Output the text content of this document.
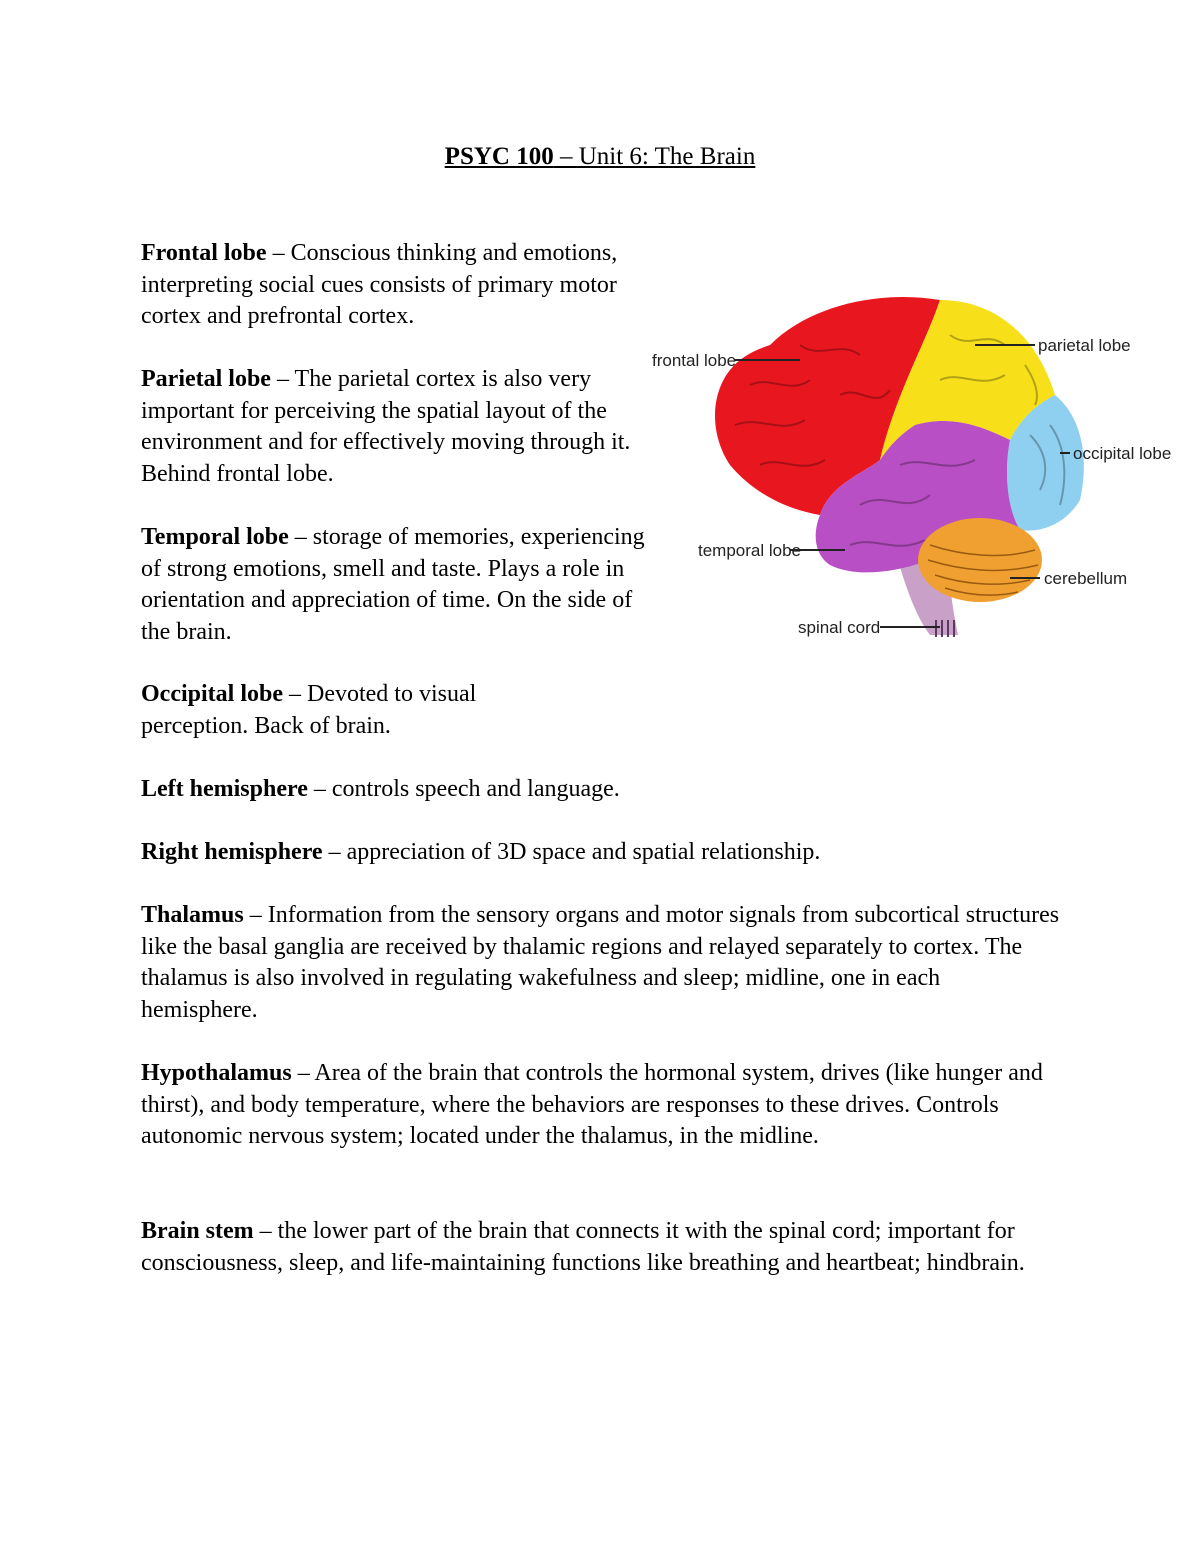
PSYC 100 – Unit 6: The Brain
Frontal lobe – Conscious thinking and emotions, interpreting social cues consists of primary motor cortex and prefrontal cortex.
Parietal lobe – The parietal cortex is also very important for perceiving the spatial layout of the environment and for effectively moving through it. Behind frontal lobe.
Temporal lobe – storage of memories, experiencing of strong emotions, smell and taste. Plays a role in orientation and appreciation of time. On the side of the brain.
Occipital lobe – Devoted to visual perception. Back of brain.
Left hemisphere – controls speech and language.
Right hemisphere – appreciation of 3D space and spatial relationship.
Thalamus – Information from the sensory organs and motor signals from subcortical structures like the basal ganglia are received by thalamic regions and relayed separately to cortex. The thalamus is also involved in regulating wakefulness and sleep; midline, one in each hemisphere.
Hypothalamus – Area of the brain that controls the hormonal system, drives (like hunger and thirst), and body temperature, where the behaviors are responses to these drives. Controls autonomic nervous system; located under the thalamus, in the midline.
Brain stem – the lower part of the brain that connects it with the spinal cord; important for consciousness, sleep, and life-maintaining functions like breathing and heartbeat; hindbrain.
frontal lobe
parietal lobe
occipital lobe
temporal lobe
cerebellum
spinal cord
